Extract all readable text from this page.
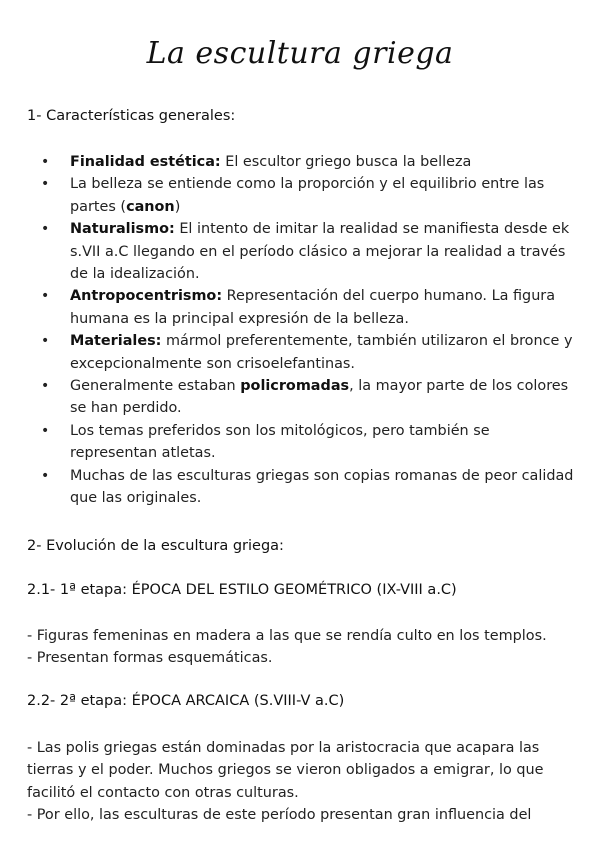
La escultura griega
1- Características generales:
• Finalidad estética: El escultor griego busca la belleza
• La belleza se entiende como la proporción y el equilibrio entre las partes (canon)
• Naturalismo: El intento de imitar la realidad se manifiesta desde ek s.VII a.C llegando en el período clásico a mejorar la realidad a través de la idealización.
• Antropocentrismo: Representación del cuerpo humano. La figura humana es la principal expresión de la belleza.
• Materiales: mármol preferentemente, también utilizaron el bronce y excepcionalmente son crisoelefantinas.
• Generalmente estaban policromadas, la mayor parte de los colores se han perdido.
• Los temas preferidos son los mitológicos, pero también se representan atletas.
• Muchas de las esculturas griegas son copias romanas de peor calidad que las originales.
2- Evolución de la escultura griega:
2.1- 1ª etapa: ÉPOCA DEL ESTILO GEOMÉTRICO (IX-VIII a.C)

- Figuras femeninas en madera a las que se rendía culto en los templos.

- Presentan formas esquemáticas.

2.2- 2ª etapa: ÉPOCA ARCAICA (S.VIII-V a.C)

- Las polis griegas están dominadas por la aristocracia que acapara las tierras y el poder. Muchos griegos se vieron obligados a emigrar, lo que facilitó el contacto con otras culturas.

- Por ello, las esculturas de este período presentan gran influencia del
